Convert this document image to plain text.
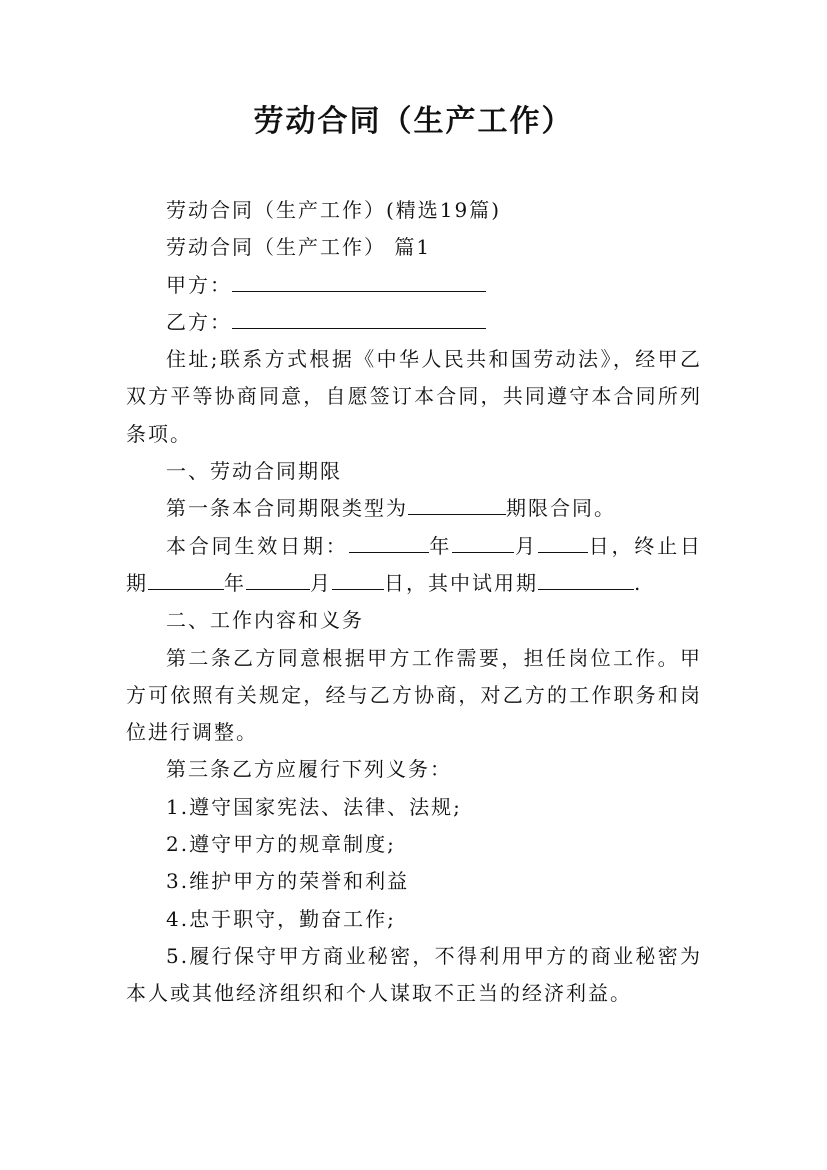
劳动合同（生产工作）

劳动合同（生产工作）(精选19篇)

劳动合同（生产工作） 篇1

甲方：

乙方：

住址;联系方式根据《中华人民共和国劳动法》，经甲乙双方平等协商同意，自愿签订本合同，共同遵守本合同所列条项。

一、劳动合同期限

第一条本合同期限类型为	期限合同。

本合同生效日期：	年	月	日，终止日期	年	月	日，其中试用期	.

二、工作内容和义务

第二条乙方同意根据甲方工作需要，担任岗位工作。甲方可依照有关规定，经与乙方协商，对乙方的工作职务和岗位进行调整。

第三条乙方应履行下列义务：

1.遵守国家宪法、法律、法规;

2.遵守甲方的规章制度;

3.维护甲方的荣誉和利益

4.忠于职守，勤奋工作;

5.履行保守甲方商业秘密，不得利用甲方的商业秘密为本人或其他经济组织和个人谋取不正当的经济利益。
